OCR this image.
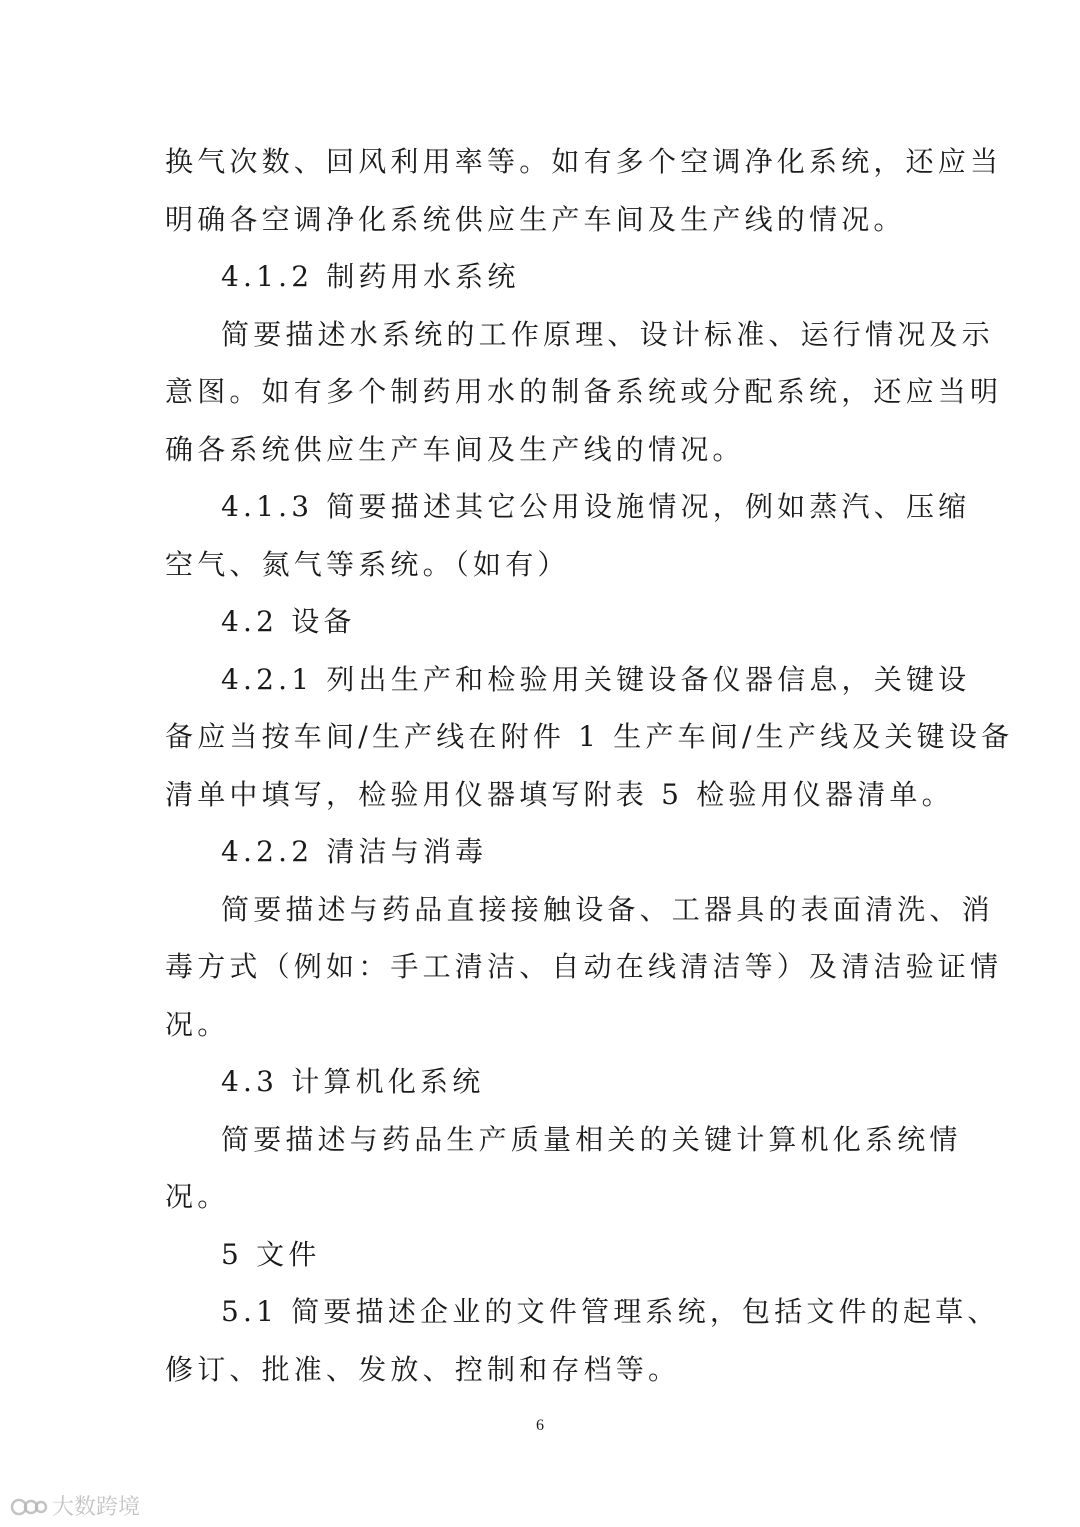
换气次数、回风利用率等。如有多个空调净化系统，还应当
明确各空调净化系统供应生产车间及生产线的情况。
4.1.2 制药用水系统
简要描述水系统的工作原理、设计标准、运行情况及示
意图。如有多个制药用水的制备系统或分配系统，还应当明
确各系统供应生产车间及生产线的情况。
4.1.3 简要描述其它公用设施情况，例如蒸汽、压缩
空气、氮气等系统。（如有）
4.2 设备
4.2.1 列出生产和检验用关键设备仪器信息，关键设
备应当按车间/生产线在附件 1 生产车间/生产线及关键设备
清单中填写，检验用仪器填写附表 5 检验用仪器清单。
4.2.2 清洁与消毒
简要描述与药品直接接触设备、工器具的表面清洗、消
毒方式（例如：手工清洁、自动在线清洁等）及清洁验证情
况。
4.3 计算机化系统
简要描述与药品生产质量相关的关键计算机化系统情
况。
5 文件
5.1 简要描述企业的文件管理系统，包括文件的起草、
修订、批准、发放、控制和存档等。
6
大数跨境
